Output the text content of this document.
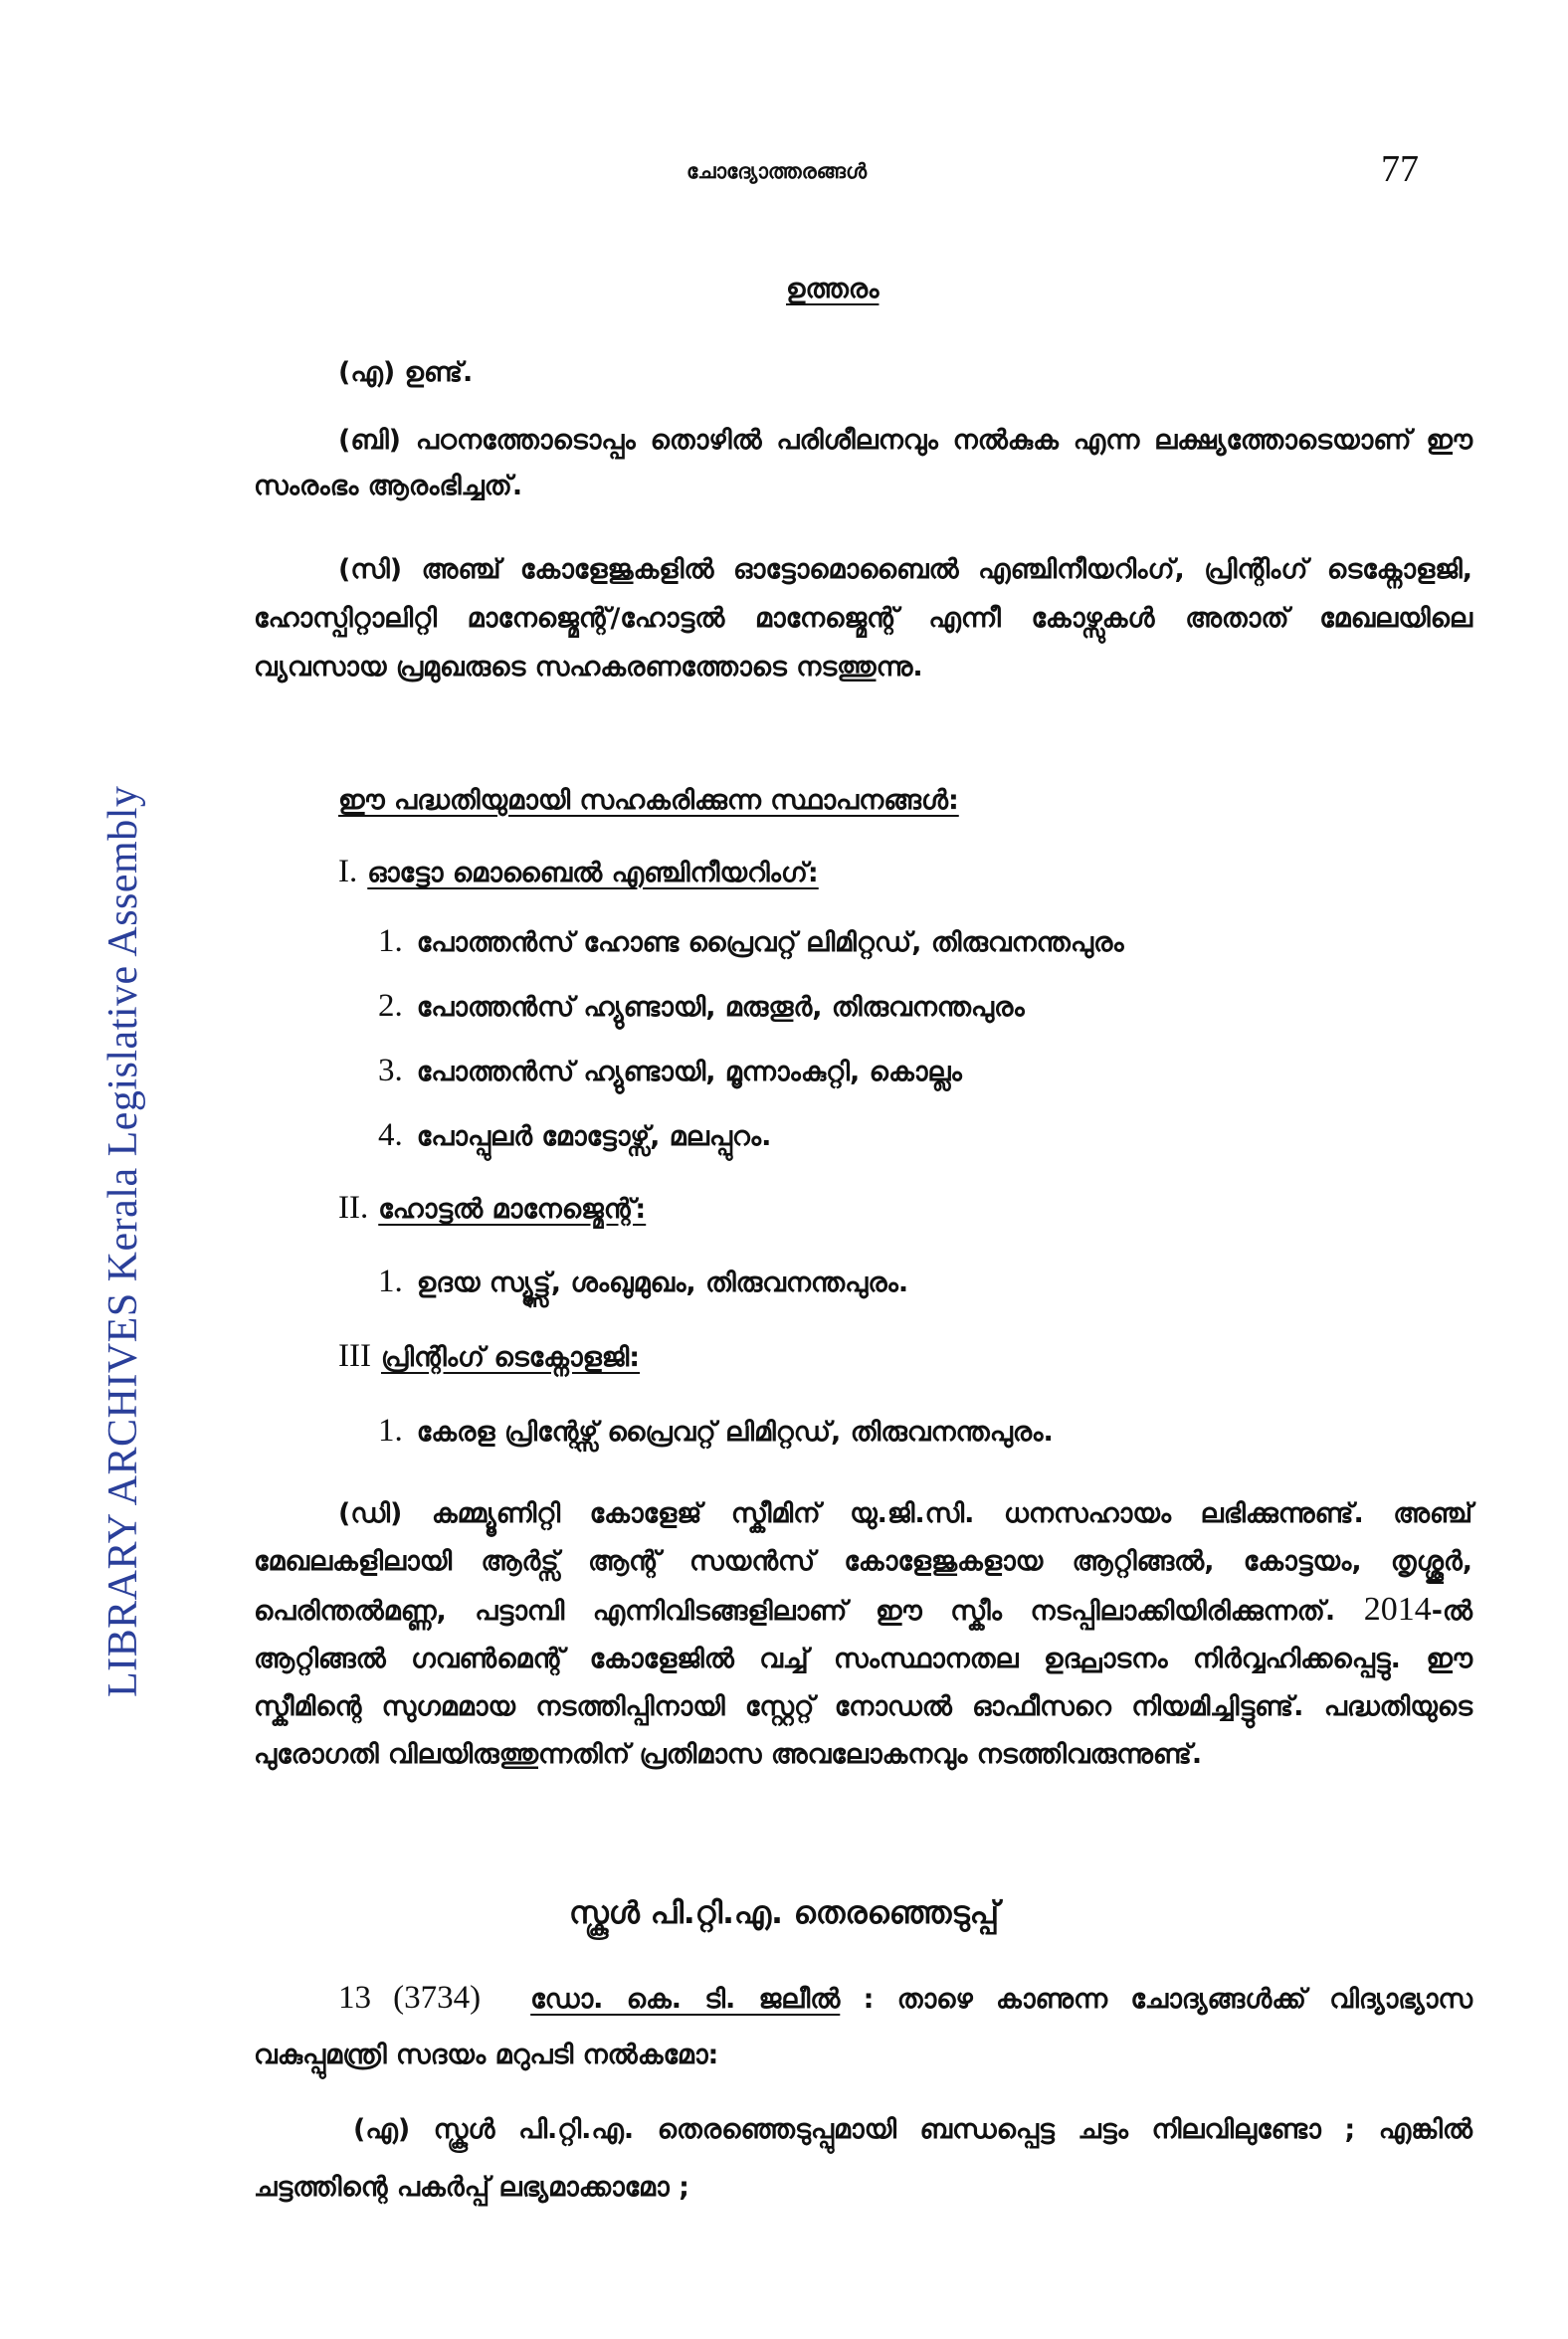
LIBRARY ARCHIVES Kerala Legislative Assembly
ചോദ്യോത്തരങ്ങൾ	77
ഉത്തരം
(എ) ഉണ്ട്.
(ബി) പഠനത്തോടൊപ്പം തൊഴിൽ പരിശീലനവും നൽകുക എന്ന ലക്ഷ്യത്തോടെയാണ് ഈ സംരംഭം ആരംഭിച്ചത്.
(സി) അഞ്ച് കോളേജുകളിൽ ഓട്ടോമൊബൈൽ എഞ്ചിനീയറിംഗ്, പ്രിന്റിംഗ് ടെക്നോളജി, ഹോസ്പിറ്റാലിറ്റി മാനേജ്മെന്റ്/ഹോട്ടൽ മാനേജ്മെന്റ് എന്നീ കോഴ്സുകൾ അതാത് മേഖലയിലെ വ്യവസായ പ്രമുഖരുടെ സഹകരണത്തോടെ നടത്തുന്നു.
ഈ പദ്ധതിയുമായി സഹകരിക്കുന്ന സ്ഥാപനങ്ങൾ:
I. ഓട്ടോ മൊബൈൽ എഞ്ചിനീയറിംഗ്:
1. പോത്തൻസ് ഹോണ്ട പ്രൈവറ്റ് ലിമിറ്റഡ്, തിരുവനന്തപുരം
2. പോത്തൻസ് ഹ്യുണ്ടായി, മരുതൂർ, തിരുവനന്തപുരം
3. പോത്തൻസ് ഹ്യുണ്ടായി, മൂന്നാംകുറ്റി, കൊല്ലം
4. പോപ്പുലർ മോട്ടോഴ്സ്, മലപ്പുറം.
II. ഹോട്ടൽ മാനേജ്മെന്റ്:
1. ഉദയ സ്യൂട്ട്സ്, ശംഖുമുഖം, തിരുവനന്തപുരം.
III പ്രിന്റിംഗ് ടെക്നോളജി:
1. കേരള പ്രിന്റേഴ്സ് പ്രൈവറ്റ് ലിമിറ്റഡ്, തിരുവനന്തപുരം.
(ഡി) കമ്മ്യൂണിറ്റി കോളേജ് സ്കീമിന് യു.ജി.സി. ധനസഹായം ലഭിക്കുന്നുണ്ട്. അഞ്ച് മേഖലകളിലായി ആർട്സ് ആന്റ് സയൻസ് കോളേജുകളായ ആറ്റിങ്ങൽ, കോട്ടയം, തൃശ്ശൂർ, പെരിന്തൽമണ്ണ, പട്ടാമ്പി എന്നിവിടങ്ങളിലാണ് ഈ സ്കീം നടപ്പിലാക്കിയിരിക്കുന്നത്. 2014-ൽ ആറ്റിങ്ങൽ ഗവൺമെന്റ് കോളേജിൽ വച്ച് സംസ്ഥാനതല ഉദ്ഘാടനം നിർവ്വഹിക്കപ്പെട്ടു. ഈ സ്കീമിന്റെ സുഗമമായ നടത്തിപ്പിനായി സ്റ്റേറ്റ് നോഡൽ ഓഫീസറെ നിയമിച്ചിട്ടുണ്ട്. പദ്ധതിയുടെ പുരോഗതി വിലയിരുത്തുന്നതിന് പ്രതിമാസ അവലോകനവും നടത്തിവരുന്നുണ്ട്.
സ്കൂൾ പി.റ്റി.എ. തെരഞ്ഞെടുപ്പ്
13 (3734) ഡോ. കെ. ടി. ജലീൽ : താഴെ കാണുന്ന ചോദ്യങ്ങൾക്ക് വിദ്യാഭ്യാസ വകുപ്പുമന്ത്രി സദയം മറുപടി നൽകമോ:
(എ) സ്കൂൾ പി.റ്റി.എ. തെരഞ്ഞെടുപ്പുമായി ബന്ധപ്പെട്ട ചട്ടം നിലവിലുണ്ടോ ; എങ്കിൽ ചട്ടത്തിന്റെ പകർപ്പ് ലഭ്യമാക്കാമോ ;
